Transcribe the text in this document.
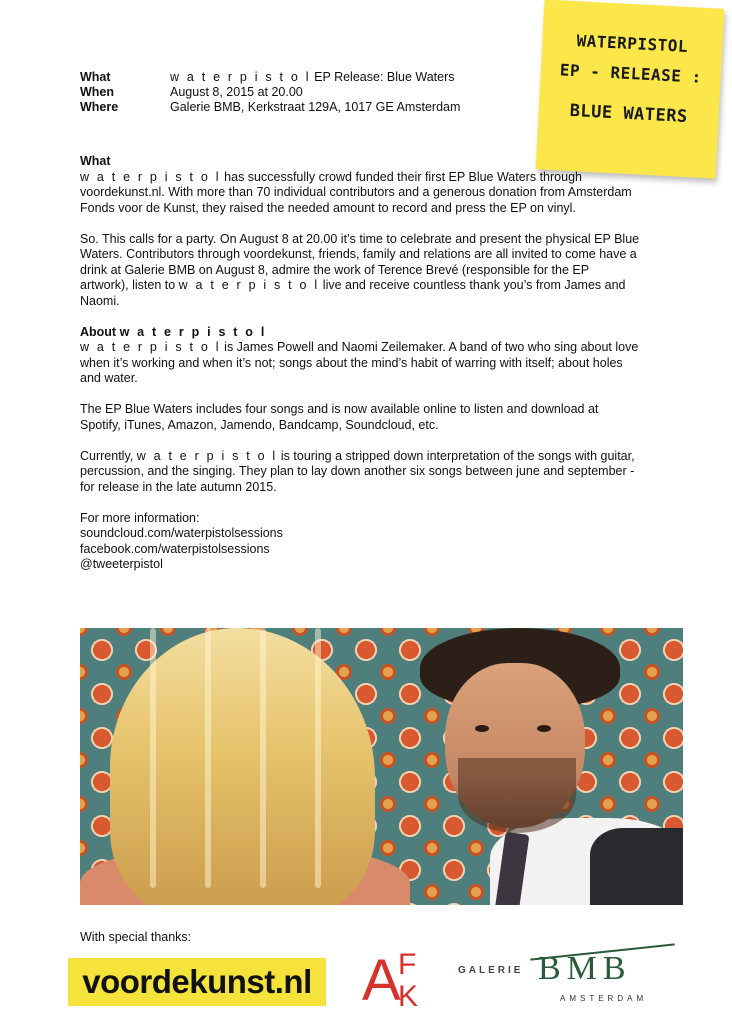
What	w a t e r p i s t o l EP Release: Blue Waters
When	August 8, 2015 at 20.00
Where	Galerie BMB, Kerkstraat 129A, 1017 GE Amsterdam
WATERPISTOL
EP - RELEASE :
BLUE WATERS
What

w a t e r p i s t o l has successfully crowd funded their first EP Blue Waters through voordekunst.nl. With more than 70 individual contributors and a generous donation from Amsterdam Fonds voor de Kunst, they raised the needed amount to record and press the EP on vinyl.

So. This calls for a party. On August 8 at 20.00 it’s time to celebrate and present the physical EP Blue Waters. Contributors through voordekunst, friends, family and relations are all invited to come have a drink at Galerie BMB on August 8, admire the work of Terence Brevé (responsible for the EP artwork), listen to w a t e r p i s t o l live and receive countless thank you’s from James and Naomi.

About w a t e r p i s t o l

w a t e r p i s t o l is James Powell and Naomi Zeilemaker. A band of two who sing about love when it’s working and when it’s not; songs about the mind’s habit of warring with itself; about holes and water.

The EP Blue Waters includes four songs and is now available online to listen and download at Spotify, iTunes, Amazon, Jamendo, Bandcamp, Soundcloud, etc.

Currently, w a t e r p i s t o l is touring a stripped down interpretation of the songs with guitar, percussion, and the singing. They plan to lay down another six songs between june and september - for release in the late autumn 2015.

For more information:
soundcloud.com/waterpistolsessions
facebook.com/waterpistolsessions
@tweeterpistol
With special thanks:
voordekunst.nl A
F
K
GALERIE BMB
AMSTERDAM
